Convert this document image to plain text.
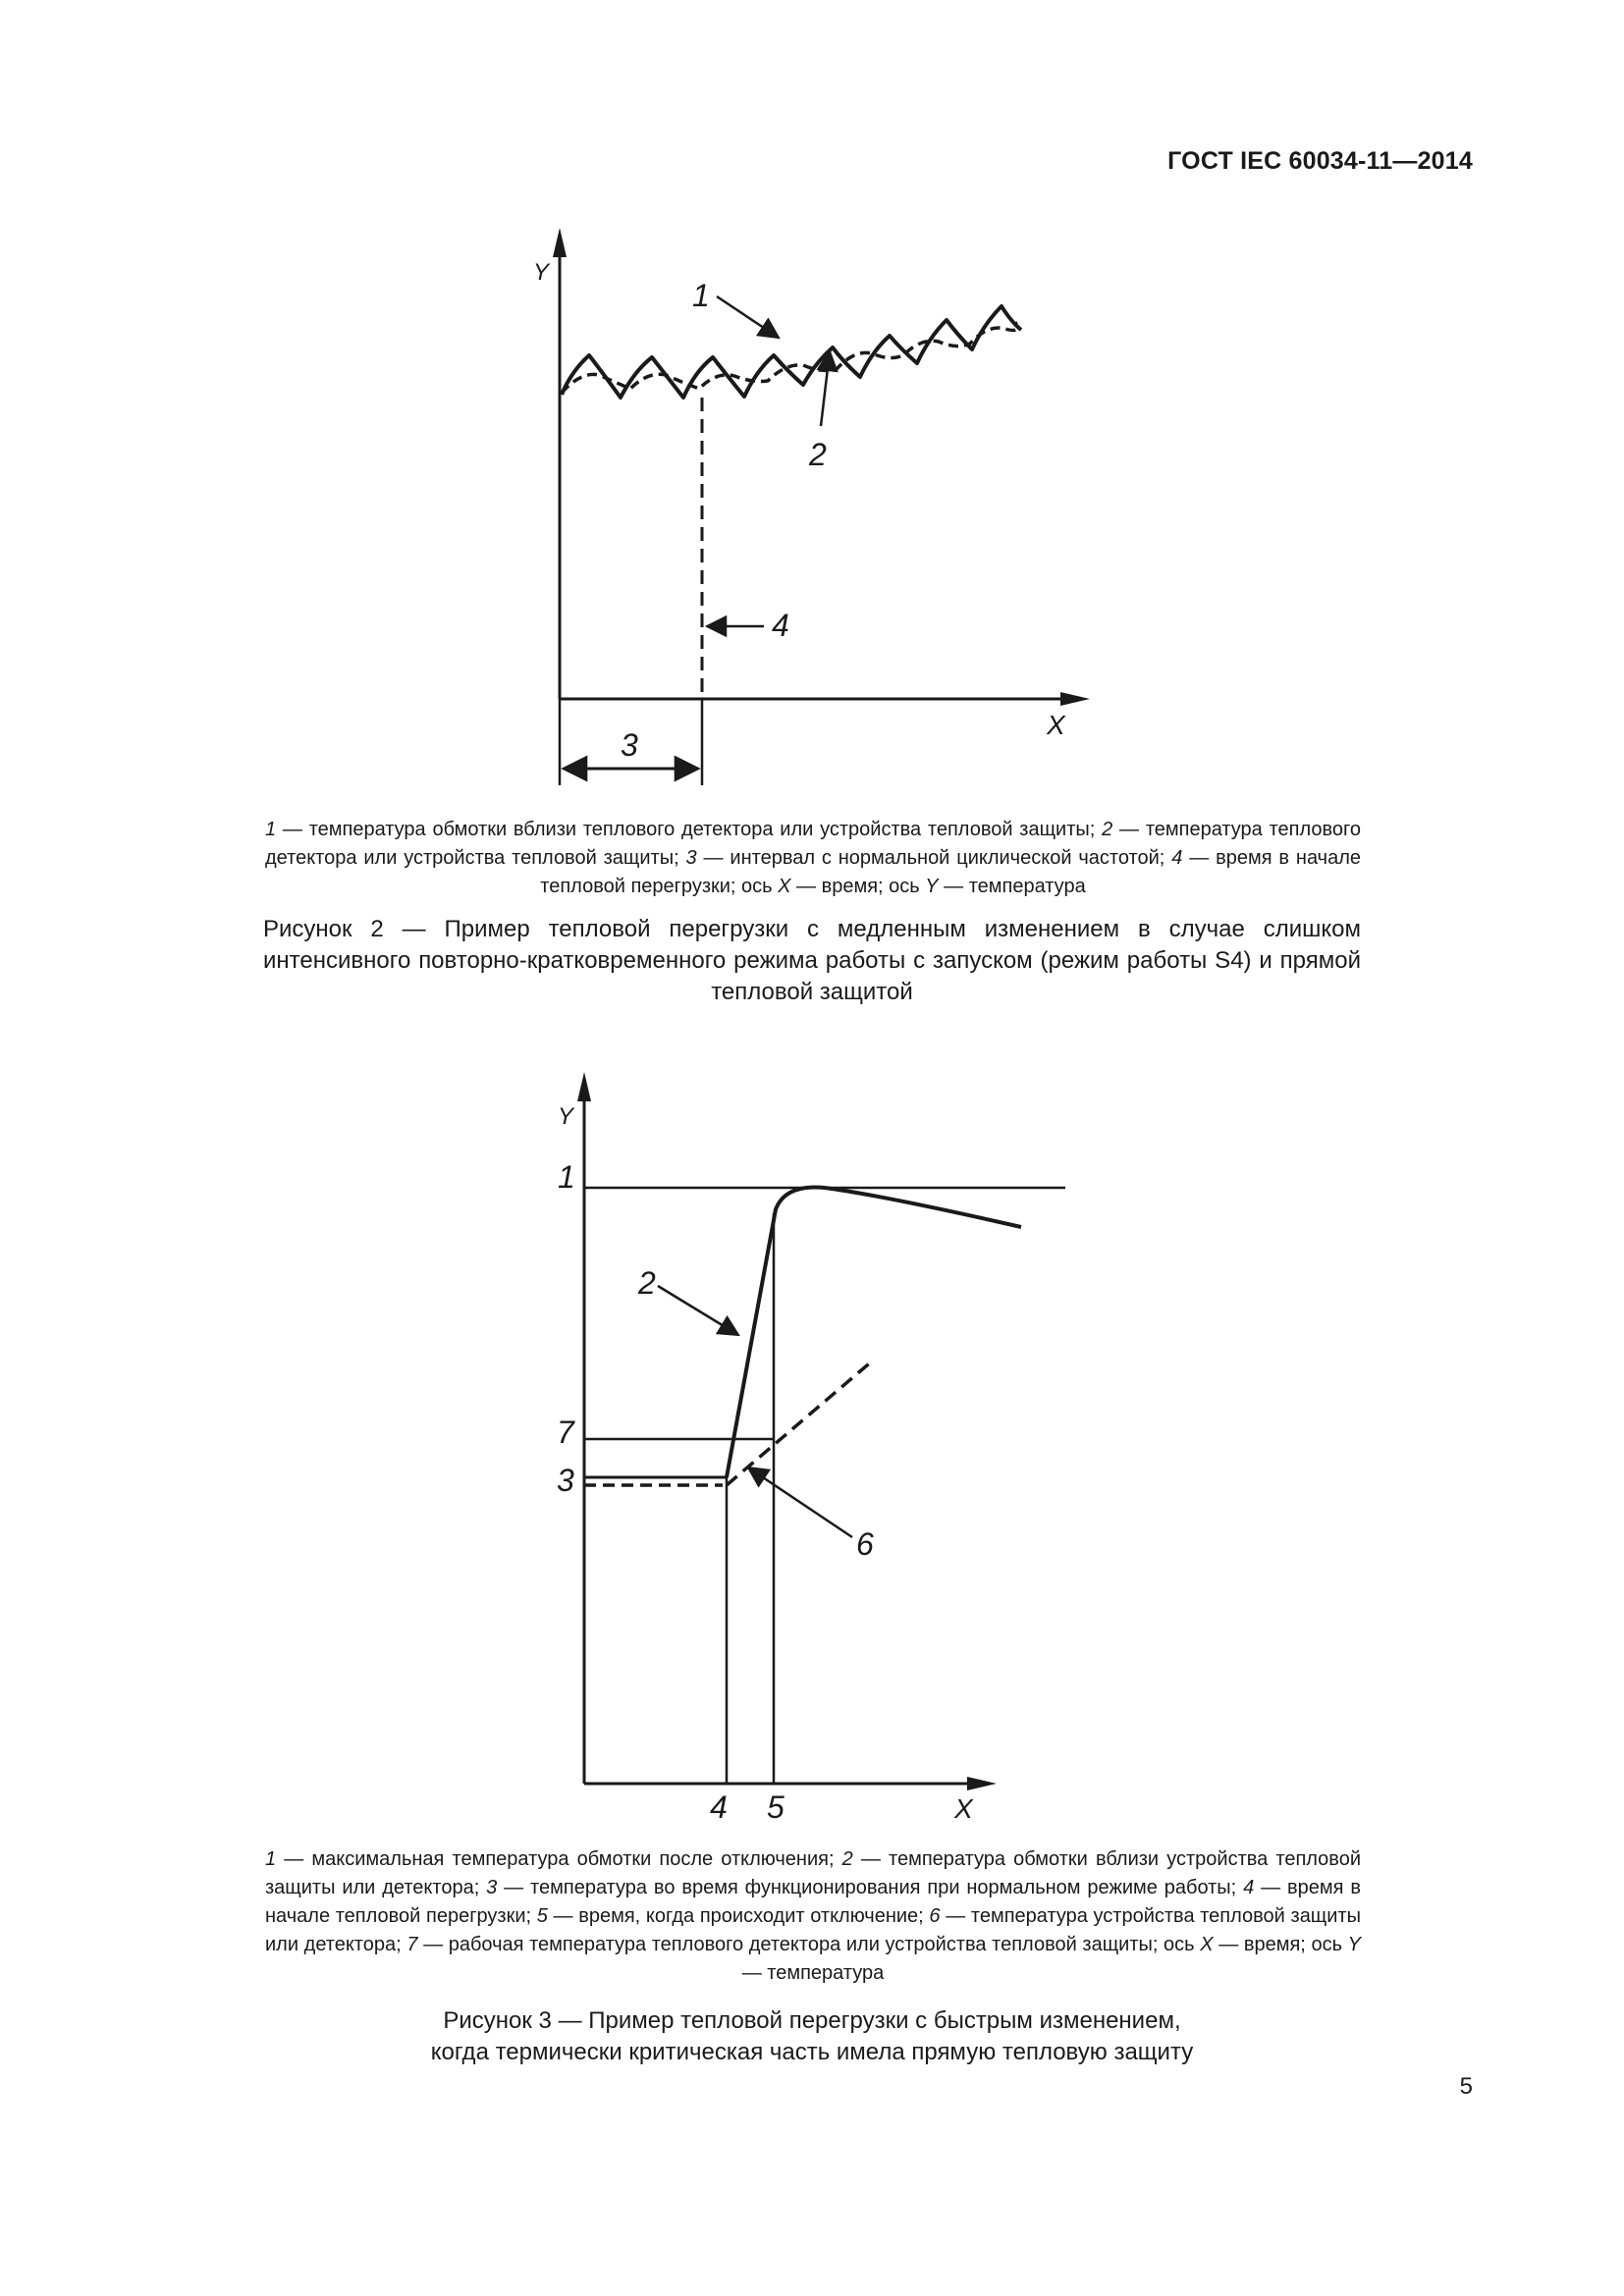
ГОСТ IEC 60034-11—2014
Y
X
3
1
2
4
1 — температура обмотки вблизи теплового детектора или устройства тепловой защиты; 2 — температура теплового детектора или устройства тепловой защиты; 3 — интервал с нормальной циклической частотой; 4 — время в начале тепловой перегрузки; ось X — время; ось Y — температура
Рисунок 2 — Пример тепловой перегрузки с медленным изменением в случае слишком интенсивного повторно-кратковременного режима работы с запуском (режим работы S4) и прямой тепловой защитой
Y
X
2
6
1
7
3
4 5
1 — максимальная температура обмотки после отключения; 2 — температура обмотки вблизи устройства тепловой защиты или детектора; 3 — температура во время функционирования при нормальном режиме работы; 4 — время в начале тепловой перегрузки; 5 — время, когда происходит отключение; 6 — температура устройства тепловой защиты или детектора; 7 — рабочая температура теплового детектора или устройства тепловой защиты; ось X — время; ось Y — температура
Рисунок 3 — Пример тепловой перегрузки с быстрым изменением,
когда термически критическая часть имела прямую тепловую защиту
5
